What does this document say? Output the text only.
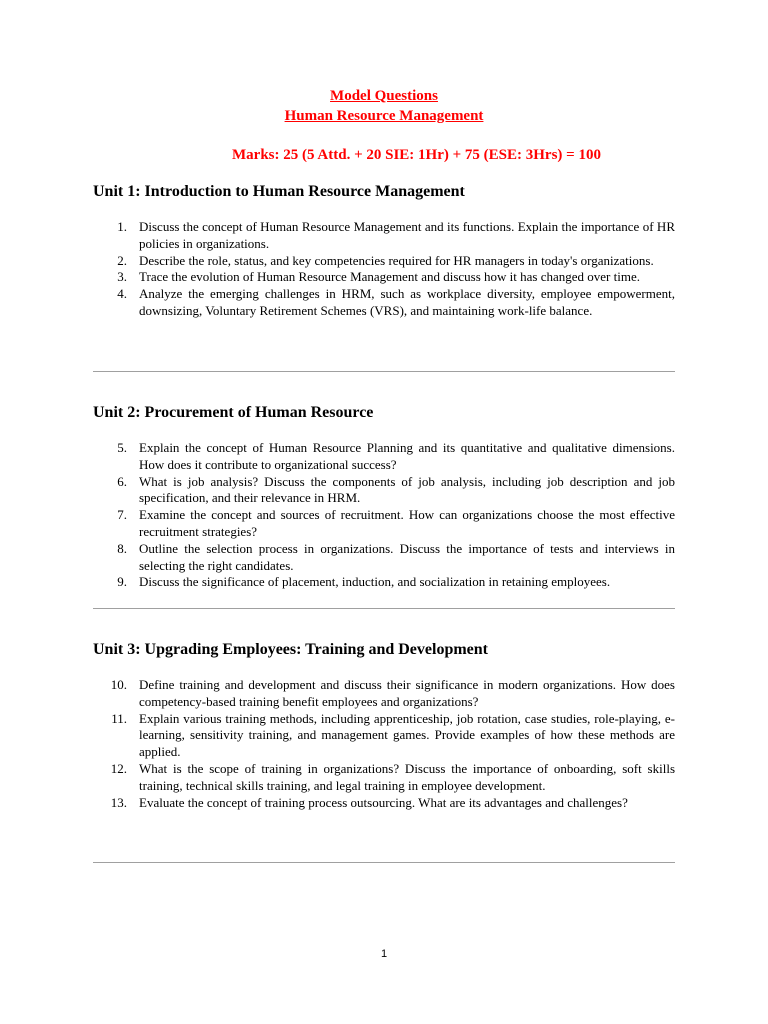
Model Questions
Human Resource Management
Marks: 25 (5 Attd. + 20 SIE: 1Hr) + 75 (ESE: 3Hrs) = 100
Unit 1: Introduction to Human Resource Management
1. Discuss the concept of Human Resource Management and its functions. Explain the importance of HR policies in organizations.
2. Describe the role, status, and key competencies required for HR managers in today's organizations.
3. Trace the evolution of Human Resource Management and discuss how it has changed over time.
4. Analyze the emerging challenges in HRM, such as workplace diversity, employee empowerment, downsizing, Voluntary Retirement Schemes (VRS), and maintaining work-life balance.
Unit 2: Procurement of Human Resource
5. Explain the concept of Human Resource Planning and its quantitative and qualitative dimensions. How does it contribute to organizational success?
6. What is job analysis? Discuss the components of job analysis, including job description and job specification, and their relevance in HRM.
7. Examine the concept and sources of recruitment. How can organizations choose the most effective recruitment strategies?
8. Outline the selection process in organizations. Discuss the importance of tests and interviews in selecting the right candidates.
9. Discuss the significance of placement, induction, and socialization in retaining employees.
Unit 3: Upgrading Employees: Training and Development
10. Define training and development and discuss their significance in modern organizations. How does competency-based training benefit employees and organizations?
11. Explain various training methods, including apprenticeship, job rotation, case studies, role-playing, e-learning, sensitivity training, and management games. Provide examples of how these methods are applied.
12. What is the scope of training in organizations? Discuss the importance of onboarding, soft skills training, technical skills training, and legal training in employee development.
13. Evaluate the concept of training process outsourcing. What are its advantages and challenges?
1
